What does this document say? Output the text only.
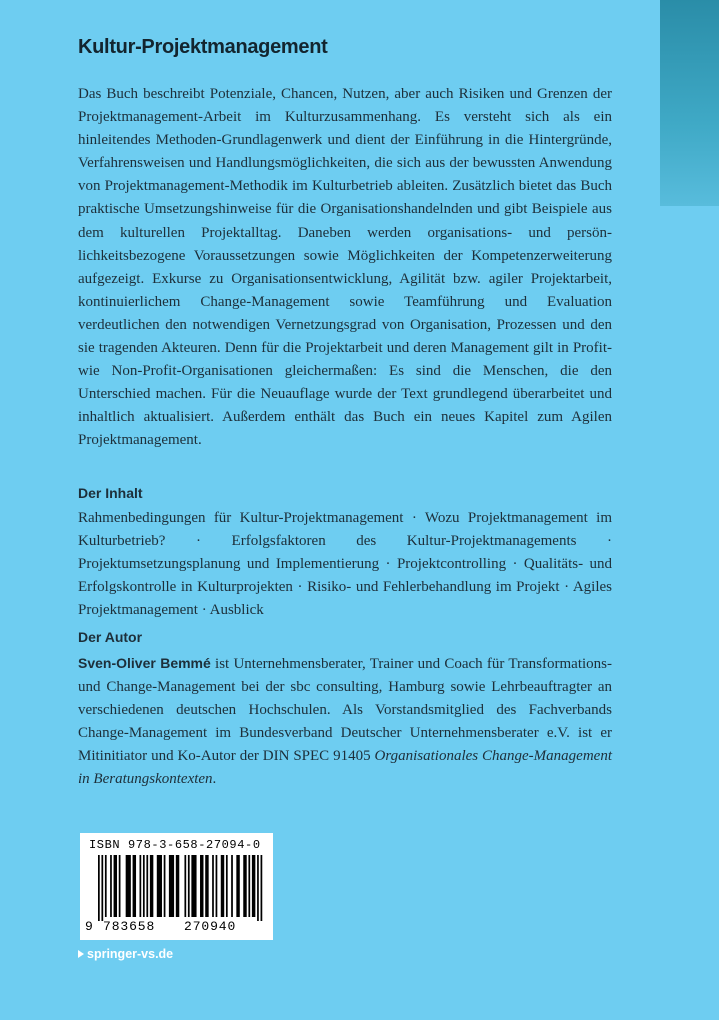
Kultur-Projektmanagement

Das Buch beschreibt Potenziale, Chancen, Nutzen, aber auch Risiken und Grenzen der Projektmanagement-Arbeit im Kulturzusammenhang. Es versteht sich als ein hinleitendes Methoden-Grundlagenwerk und dient der Einführung in die Hintergründe, Verfahrensweisen und Handlungsmöglichkeiten, die sich aus der bewussten Anwendung von Projektmanagement-Methodik im Kulturbetrieb ableiten. Zusätzlich bietet das Buch praktische Umsetzungshinweise für die Organisationshandelnden und gibt Beispiele aus dem kulturellen Projektalltag. Daneben werden organisations- und persönlichkeitsbezogene Voraussetzungen sowie Möglichkeiten der Kompetenzerweiterung aufgezeigt. Exkurse zu Organisationsentwicklung, Agilität bzw. agiler Projektarbeit, kontinuierlichem Change-Management sowie Teamführung und Evaluation verdeutlichen den notwendigen Vernetzungsgrad von Organisation, Prozessen und den sie tragenden Akteuren. Denn für die Projektarbeit und deren Management gilt in Profit-wie Non-Profit-Organisationen gleichermaßen: Es sind die Menschen, die den Unterschied machen. Für die Neuauflage wurde der Text grundlegend überarbeitet und inhaltlich aktualisiert. Außerdem enthält das Buch ein neues Kapitel zum Agilen Projektmanagement.

Der Inhalt

Rahmenbedingungen für Kultur-Projektmanagement · Wozu Projektmanagement im Kulturbetrieb? · Erfolgsfaktoren des Kultur-Projektmanagements · Projektumsetzungsplanung und Implementierung · Projektcontrolling · Qualitäts- und Erfolgskontrolle in Kulturprojekten · Risiko- und Fehlerbehandlung im Projekt · Agiles Projektmanagement · Ausblick

Der Autor

Sven-Oliver Bemmé ist Unternehmensberater, Trainer und Coach für Transformations- und Change-Management bei der sbc consulting, Hamburg sowie Lehrbeauftragter an verschiedenen deutschen Hochschulen. Als Vorstandsmitglied des Fachverbands Change-Management im Bundesverband Deutscher Unternehmensberater e.V. ist er Mitinitiator und Ko-Autor der DIN SPEC 91405 Organisationales Change-Management in Beratungskontexten.

ISBN 978-3-658-27094-0
9 783658	270940
springer-vs.de
